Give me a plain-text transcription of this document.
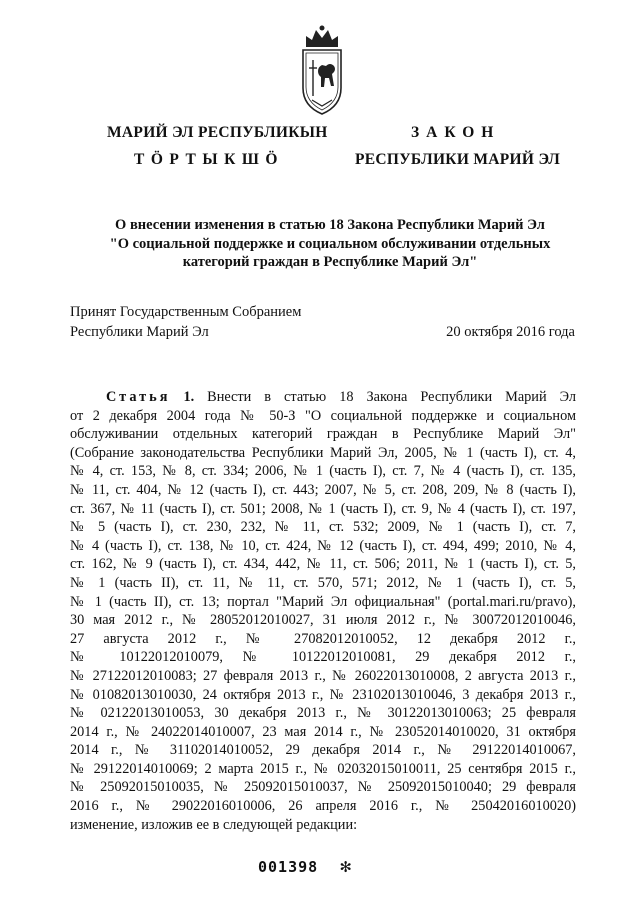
МАРИЙ ЭЛ РЕСПУБЛИКЫН
ТӦРТЫКШӦ
ЗАКОН
РЕСПУБЛИКИ МАРИЙ ЭЛ
О внесении изменения в статью 18 Закона Республики Марий Эл
"О социальной поддержке и социальном обслуживании отдельных
категорий граждан в Республике Марий Эл"
Принят Государственным Собранием
Республики Марий Эл	20 октября 2016 года
Статья 1. Внести в статью 18 Закона Республики Марий Эл
от 2 декабря 2004 года № 50-З "О социальной поддержке и социальном
обслуживании отдельных категорий граждан в Республике Марий Эл"
(Собрание законодательства Республики Марий Эл, 2005, № 1 (часть I), ст. 4,
№ 4, ст. 153, № 8, ст. 334; 2006, № 1 (часть I), ст. 7, № 4 (часть I), ст. 135,
№ 11, ст. 404, № 12 (часть I), ст. 443; 2007, № 5, ст. 208, 209, № 8 (часть I),
ст. 367, № 11 (часть I), ст. 501; 2008, № 1 (часть I), ст. 9, № 4 (часть I), ст. 197,
№ 5 (часть I), ст. 230, 232, № 11, ст. 532; 2009, № 1 (часть I), ст. 7,
№ 4 (часть I), ст. 138, № 10, ст. 424, № 12 (часть I), ст. 494, 499; 2010, № 4,
ст. 162, № 9 (часть I), ст. 434, 442, № 11, ст. 506; 2011, № 1 (часть I), ст. 5,
№ 1 (часть II), ст. 11, № 11, ст. 570, 571; 2012, № 1 (часть I), ст. 5,
№ 1 (часть II), ст. 13; портал "Марий Эл официальная" (portal.mari.ru/pravo),
30 мая 2012 г., № 28052012010027, 31 июля 2012 г., № 30072012010046,
27 августа 2012 г., № 27082012010052, 12 декабря 2012 г.,
№ 10122012010079, № 10122012010081, 29 декабря 2012 г.,
№ 27122012010083; 27 февраля 2013 г., № 26022013010008, 2 августа 2013 г.,
№ 01082013010030, 24 октября 2013 г., № 23102013010046, 3 декабря 2013 г.,
№ 02122013010053, 30 декабря 2013 г., № 30122013010063; 25 февраля
2014 г., № 24022014010007, 23 мая 2014 г., № 23052014010020, 31 октября
2014 г., № 31102014010052, 29 декабря 2014 г., № 29122014010067,
№ 29122014010069; 2 марта 2015 г., № 02032015010011, 25 сентября 2015 г.,
№ 25092015010035, № 25092015010037, № 25092015010040; 29 февраля
2016 г., № 29022016010006, 26 апреля 2016 г., № 25042016010020)
изменение, изложив ее в следующей редакции:
001398 ✻
